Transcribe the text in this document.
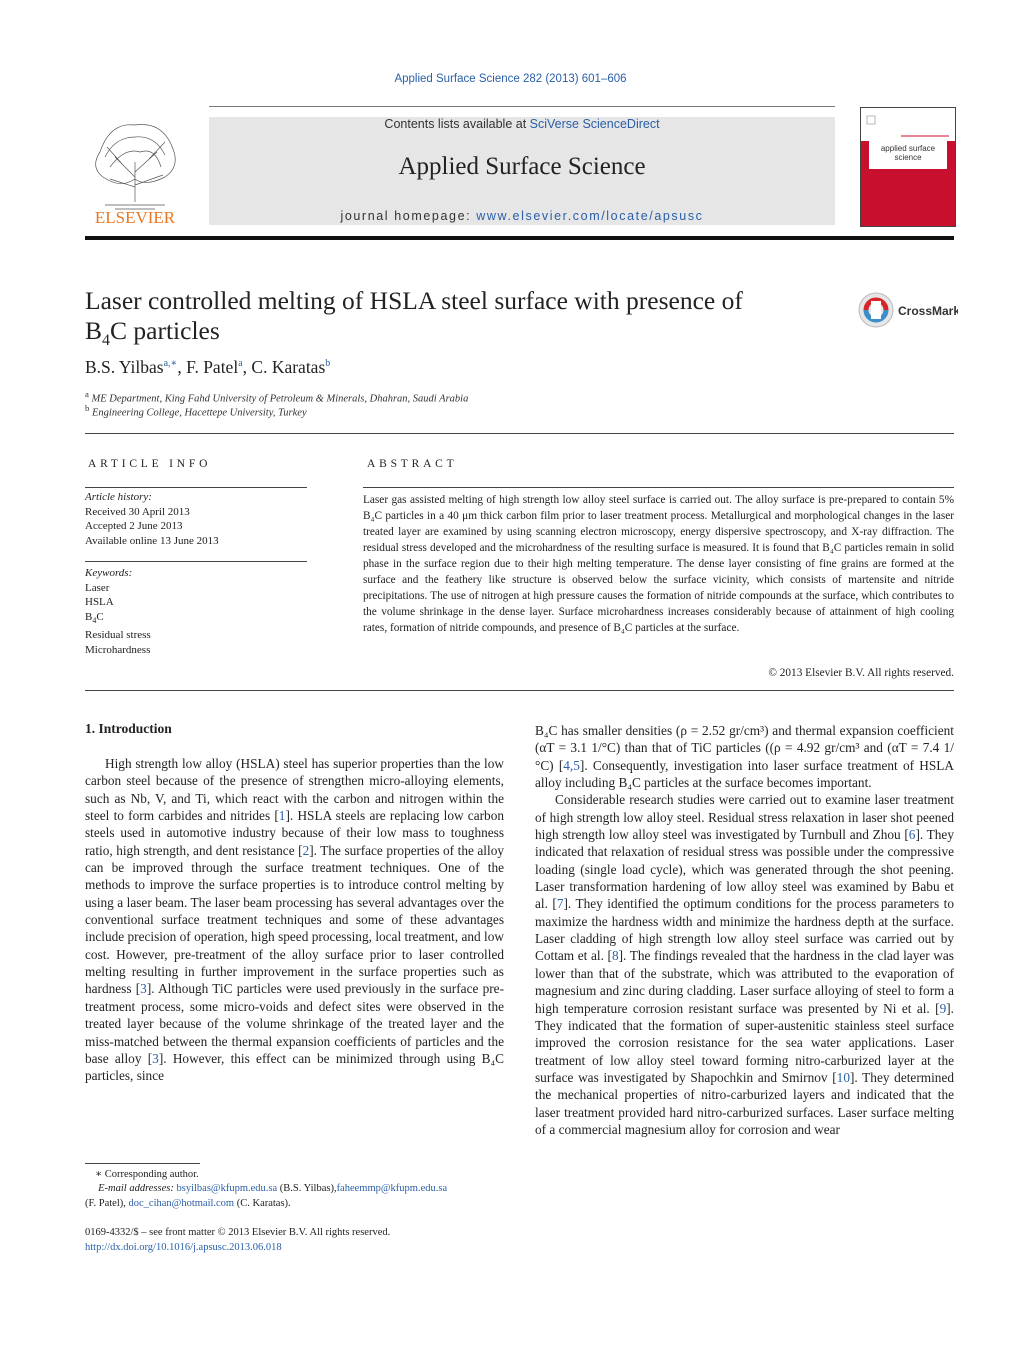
Applied Surface Science 282 (2013) 601–606
ELSEVIER
Contents lists available at SciVerse ScienceDirect
Applied Surface Science
journal homepage: www.elsevier.com/locate/apsusc
applied surface science
Laser controlled melting of HSLA steel surface with presence of
$B_4C$ particles
CrossMark
B.S. Yilbas$^{a,∗}$, F. Patel$^a$, C. Karatas$^b$
$^a$ ME Department, King Fahd University of Petroleum & Minerals, Dhahran, Saudi Arabia
$^b$ Engineering College, Hacettepe University, Turkey
ARTICLE INFO	ABSTRACT
Article history:
Received 30 April 2013
Accepted 2 June 2013
Available online 13 June 2013
Keywords:
Laser
HSLA
$B_4C$
Residual stress
Microhardness
Laser gas assisted melting of high strength low alloy steel surface is carried out. The alloy surface is pre-prepared to contain 5% B₄C particles in a 40 μm thick carbon film prior to laser treatment process. Metallurgical and morphological changes in the laser treated layer are examined by using scanning electron microscopy, energy dispersive spectroscopy, and X-ray diffraction. The residual stress developed and the microhardness of the resulting surface is measured. It is found that B₄C particles remain in solid phase in the surface region due to their high melting temperature. The dense layer consisting of fine grains are formed at the surface and the feathery like structure is observed below the surface vicinity, which consists of martensite and nitride precipitations. The use of nitrogen at high pressure causes the formation of nitride compounds at the surface, which contributes to the volume shrinkage in the dense layer. Surface microhardness increases considerably because of attainment of high cooling rates, formation of nitride compounds, and presence of B₄C particles at the surface.
© 2013 Elsevier B.V. All rights reserved.
1. Introduction

High strength low alloy (HSLA) steel has superior properties than the low carbon steel because of the presence of strengthen micro-alloying elements, such as Nb, V, and Ti, which react with the carbon and nitrogen within the steel to form carbides and nitrides [1]. HSLA steels are replacing low carbon steels used in automotive industry because of their low mass to toughness ratio, high strength, and dent resistance [2]. The surface properties of the alloy can be improved through the surface treatment techniques. One of the methods to improve the surface properties is to introduce control melting by using a laser beam. The laser beam processing has several advantages over the conventional surface treatment techniques and some of these advantages include precision of operation, high speed processing, local treatment, and low cost. However, pre-treatment of the alloy surface prior to laser controlled melting resulting in further improvement in the surface properties such as hardness [3]. Although TiC particles were used previously in the surface pre-treatment process, some micro-voids and defect sites were observed in the treated layer because of the volume shrinkage of the treated layer and the miss-matched between the thermal expansion coefficients of particles and the base alloy [3]. However, this effect can be minimized through using B₄C particles, since

B₄C has smaller densities (ρ = 2.52 gr/cm³) and thermal expansion coefficient (αT = 3.1 1/°C) than that of TiC particles ((ρ = 4.92 gr/cm³ and (αT = 7.4 1/°C) [4,5]. Consequently, investigation into laser surface treatment of HSLA alloy including B₄C particles at the surface becomes important.

Considerable research studies were carried out to examine laser treatment of high strength low alloy steel. Residual stress relaxation in laser shot peened high strength low alloy steel was investigated by Turnbull and Zhou [6]. They indicated that relaxation of residual stress was possible under the compressive loading (single load cycle), which was generated through the shot peening. Laser transformation hardening of low alloy steel was examined by Babu et al. [7]. They identified the optimum conditions for the process parameters to maximize the hardness width and minimize the hardness depth at the surface. Laser cladding of high strength low alloy steel surface was carried out by Cottam et al. [8]. The findings revealed that the hardness in the clad layer was lower than that of the substrate, which was attributed to the evaporation of magnesium and zinc during cladding. Laser surface alloying of steel to form a high temperature corrosion resistant surface was presented by Ni et al. [9]. They indicated that the formation of super-austenitic stainless steel surface improved the corrosion resistance for the sea water applications. Laser treatment of low alloy steel toward forming nitro-carburized layer at the surface was investigated by Shapochkin and Smirnov [10]. They determined the mechanical properties of nitro-carburized layers and indicated that the laser treatment provided hard nitro-carburized surfaces. Laser surface melting of a commercial magnesium alloy for corrosion and wear

∗ Corresponding author.
E-mail addresses: bsyilbas@kfupm.edu.sa (B.S. Yilbas),faheemmp@kfupm.edu.sa
(F. Patel), doc_cihan@hotmail.com (C. Karatas).
0169-4332/$ – see front matter © 2013 Elsevier B.V. All rights reserved.
http://dx.doi.org/10.1016/j.apsusc.2013.06.018
